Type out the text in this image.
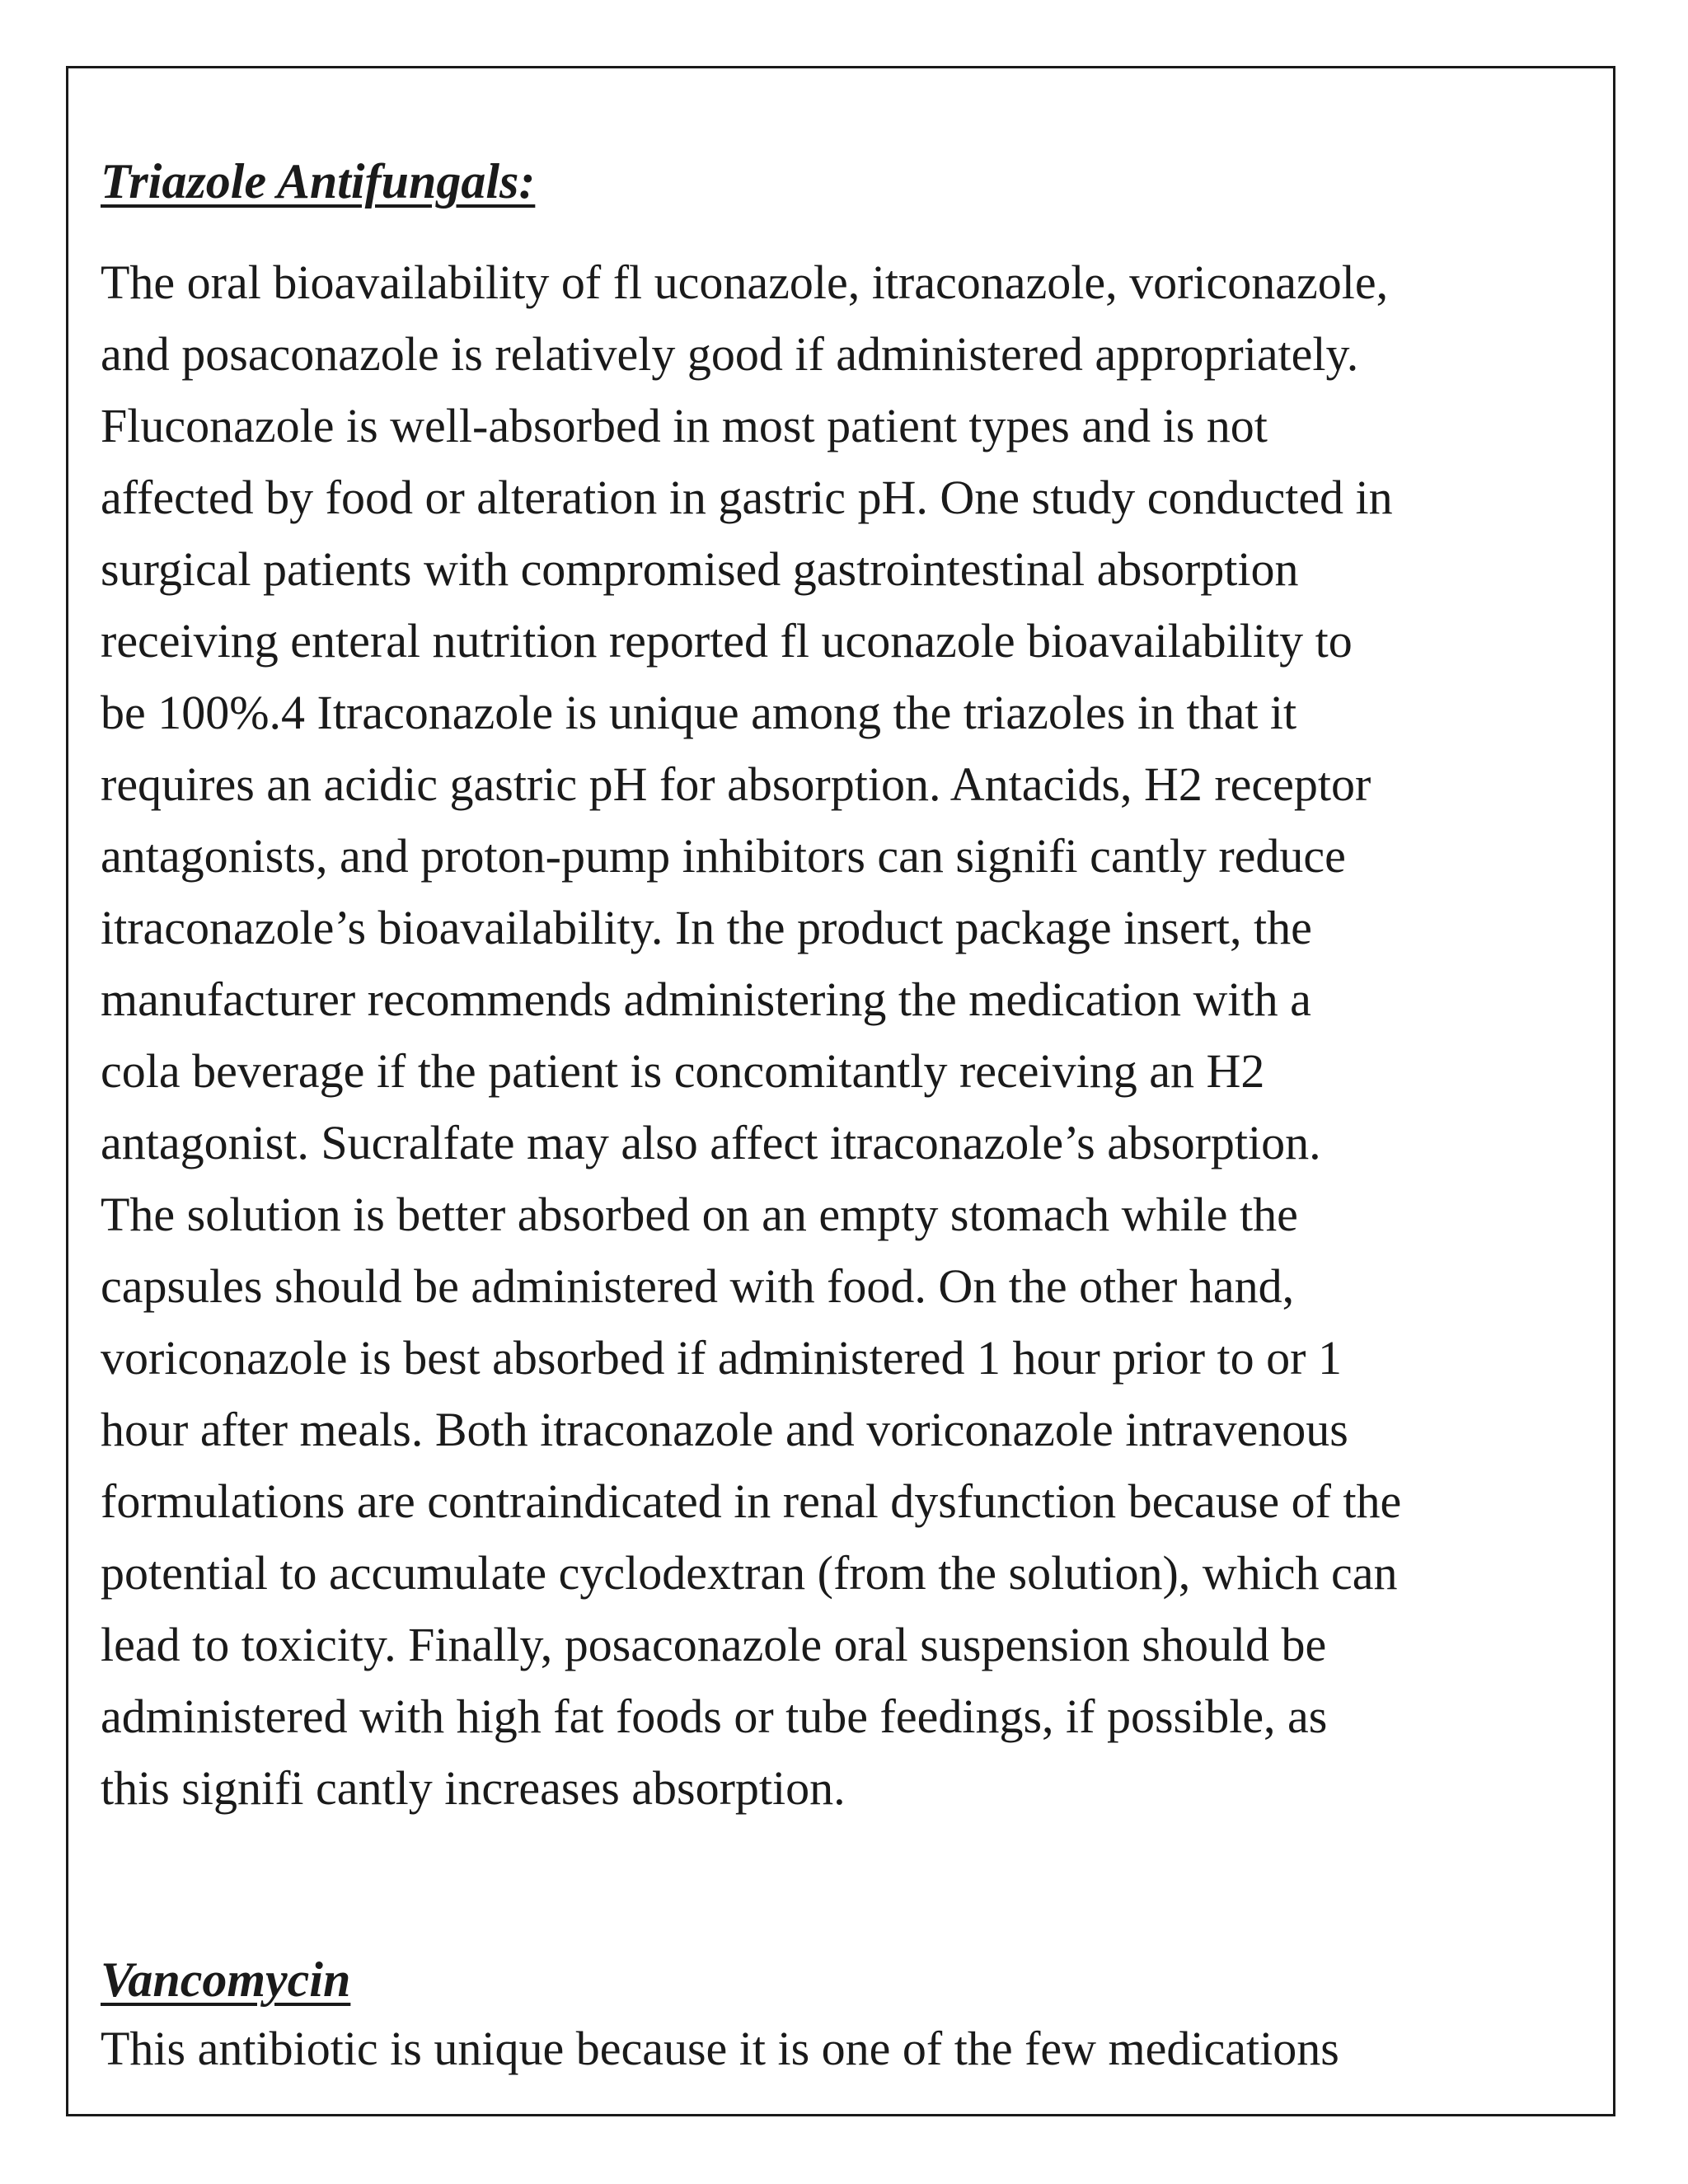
Triazole Antifungals:
The oral bioavailability of fl uconazole, itraconazole, voriconazole,
and posaconazole is relatively good if administered appropriately.
Fluconazole is well-absorbed in most patient types and is not
affected by food or alteration in gastric pH. One study conducted in
surgical patients with compromised gastrointestinal absorption
receiving enteral nutrition reported fl uconazole bioavailability to
be 100%.4 Itraconazole is unique among the triazoles in that it
requires an acidic gastric pH for absorption. Antacids, H2 receptor
antagonists, and proton-pump inhibitors can signifi cantly reduce
itraconazole’s bioavailability. In the product package insert, the
manufacturer recommends administering the medication with a
cola beverage if the patient is concomitantly receiving an H2
antagonist. Sucralfate may also affect itraconazole’s absorption.
The solution is better absorbed on an empty stomach while the
capsules should be administered with food. On the other hand,
voriconazole is best absorbed if administered 1 hour prior to or 1
hour after meals. Both itraconazole and voriconazole intravenous
formulations are contraindicated in renal dysfunction because of the
potential to accumulate cyclodextran (from the solution), which can
lead to toxicity. Finally, posaconazole oral suspension should be
administered with high fat foods or tube feedings, if possible, as
this signifi cantly increases absorption.
Vancomycin
This antibiotic is unique because it is one of the few medications
